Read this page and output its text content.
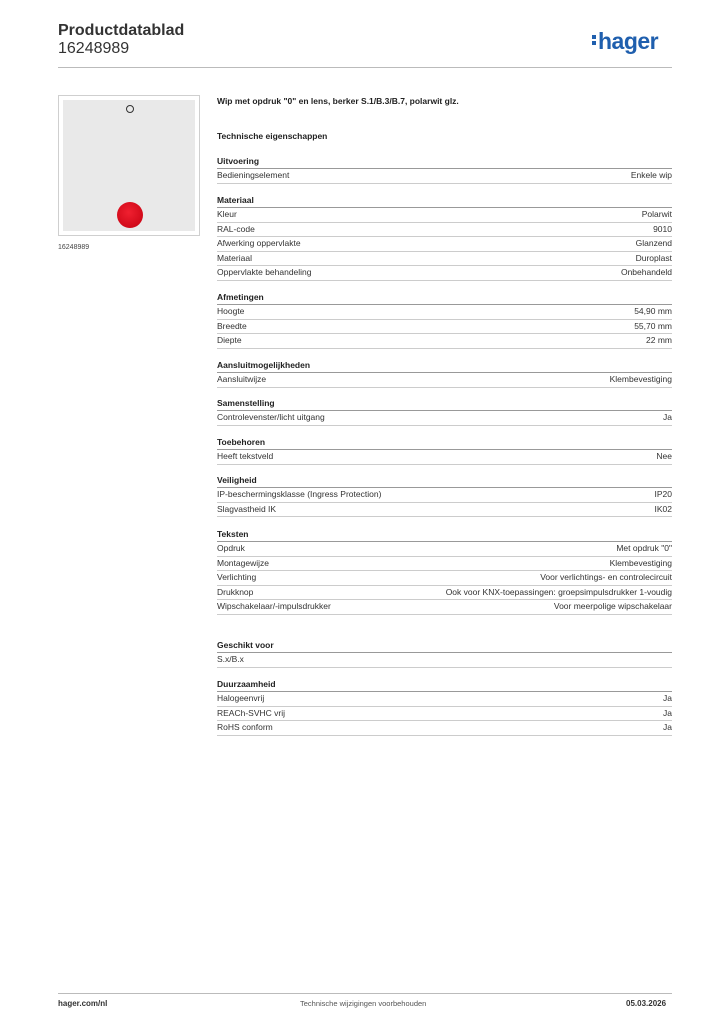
Productdatablad
16248989	hager
16248989
Wip met opdruk "0" en lens, berker S.1/B.3/B.7, polarwit glz.
Technische eigenschappen
Uitvoering
Bedieningselement	Enkele wip
Materiaal
Kleur	Polarwit
RAL-code	9010
Afwerking oppervlakte	Glanzend
Materiaal	Duroplast
Oppervlakte behandeling	Onbehandeld
Afmetingen
Hoogte	54,90 mm
Breedte	55,70 mm
Diepte	22 mm
Aansluitmogelijkheden
Aansluitwijze	Klembevestiging
Samenstelling
Controlevenster/licht uitgang	Ja
Toebehoren
Heeft tekstveld	Nee
Veiligheid
IP-beschermingsklasse (Ingress Protection)	IP20
Slagvastheid IK	IK02
Teksten
Opdruk	Met opdruk "0"
Montagewijze	Klembevestiging
Verlichting	Voor verlichtings- en controlecircuit
Drukknop	Ook voor KNX-toepassingen: groepsimpulsdrukker 1-voudig
Wipschakelaar/-impulsdrukker	Voor meerpolige wipschakelaar
Geschikt voor
S.x/B.x
Duurzaamheid
Halogeenvrij	Ja
REACh-SVHC vrij	Ja
RoHS conform	Ja
hager.com/nl	Technische wijzigingen voorbehouden	05.03.2026
